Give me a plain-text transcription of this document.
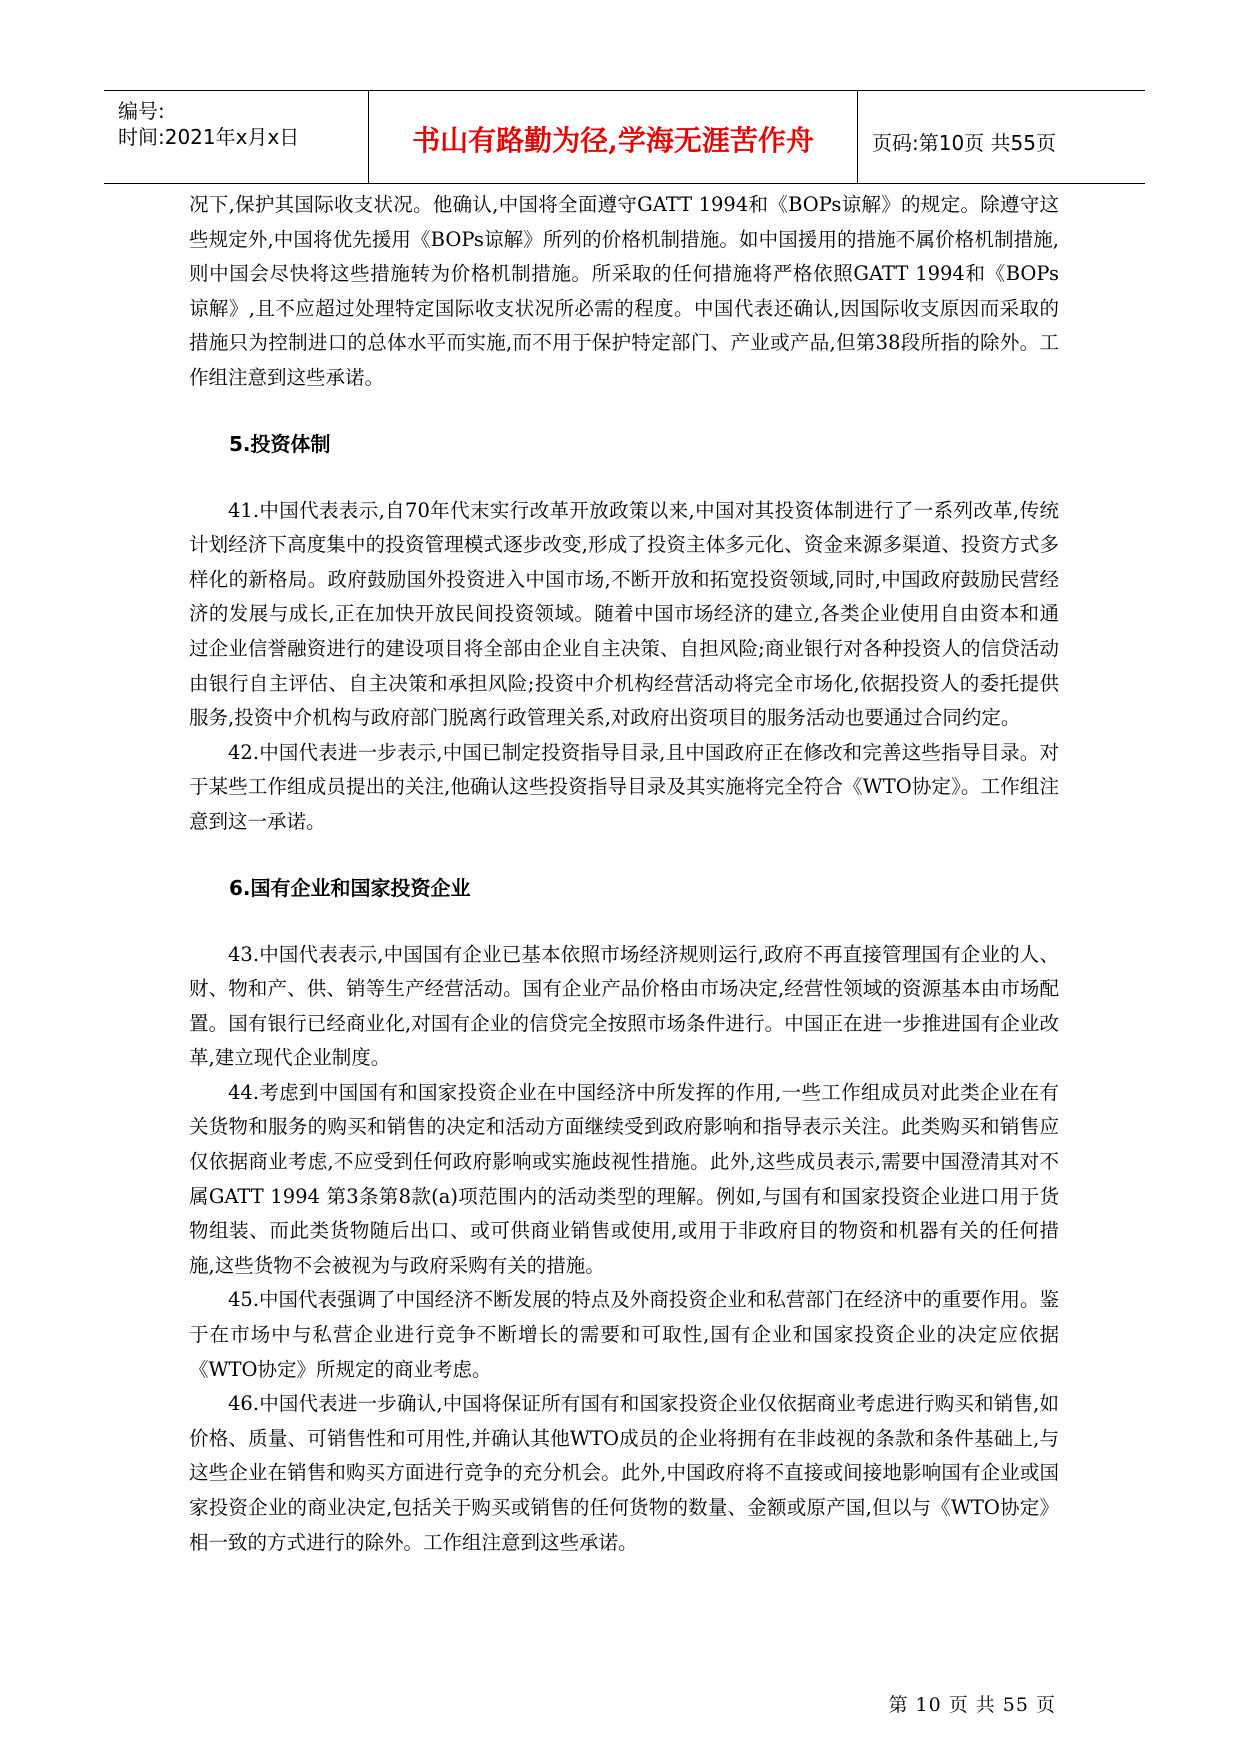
编号:
时间:2021年x月x日	书山有路勤为径,学海无涯苦作舟	页码:第10页 共55页

况下,保护其国际收支状况。他确认,中国将全面遵守GATT 1994和《BOPs谅解》的规定。除遵守这些规定外,中国将优先援用《BOPs谅解》所列的价格机制措施。如中国援用的措施不属价格机制措施,则中国会尽快将这些措施转为价格机制措施。所采取的任何措施将严格依照GATT 1994和《BOPs 谅解》,且不应超过处理特定国际收支状况所必需的程度。中国代表还确认,因国际收支原因而采取的措施只为控制进口的总体水平而实施,而不用于保护特定部门、产业或产品,但第38段所指的除外。工作组注意到这些承诺。

5.投资体制

41.中国代表表示,自70年代末实行改革开放政策以来,中国对其投资体制进行了一系列改革,传统计划经济下高度集中的投资管理模式逐步改变,形成了投资主体多元化、资金来源多渠道、投资方式多样化的新格局。政府鼓励国外投资进入中国市场,不断开放和拓宽投资领域,同时,中国政府鼓励民营经济的发展与成长,正在加快开放民间投资领域。随着中国市场经济的建立,各类企业使用自由资本和通过企业信誉融资进行的建设项目将全部由企业自主决策、自担风险;商业银行对各种投资人的信贷活动由银行自主评估、自主决策和承担风险;投资中介机构经营活动将完全市场化,依据投资人的委托提供服务,投资中介机构与政府部门脱离行政管理关系,对政府出资项目的服务活动也要通过合同约定。

42.中国代表进一步表示,中国已制定投资指导目录,且中国政府正在修改和完善这些指导目录。对于某些工作组成员提出的关注,他确认这些投资指导目录及其实施将完全符合《WTO协定》。工作组注意到这一承诺。

6.国有企业和国家投资企业

43.中国代表表示,中国国有企业已基本依照市场经济规则运行,政府不再直接管理国有企业的人、财、物和产、供、销等生产经营活动。国有企业产品价格由市场决定,经营性领域的资源基本由市场配置。国有银行已经商业化,对国有企业的信贷完全按照市场条件进行。中国正在进一步推进国有企业改革,建立现代企业制度。

44.考虑到中国国有和国家投资企业在中国经济中所发挥的作用,一些工作组成员对此类企业在有关货物和服务的购买和销售的决定和活动方面继续受到政府影响和指导表示关注。此类购买和销售应仅依据商业考虑,不应受到任何政府影响或实施歧视性措施。此外,这些成员表示,需要中国澄清其对不属GATT 1994 第3条第8款(a)项范围内的活动类型的理解。例如,与国有和国家投资企业进口用于货物组装、而此类货物随后出口、或可供商业销售或使用,或用于非政府目的物资和机器有关的任何措施,这些货物不会被视为与政府采购有关的措施。

45.中国代表强调了中国经济不断发展的特点及外商投资企业和私营部门在经济中的重要作用。鉴于在市场中与私营企业进行竞争不断增长的需要和可取性,国有企业和国家投资企业的决定应依据《WTO协定》所规定的商业考虑。

46.中国代表进一步确认,中国将保证所有国有和国家投资企业仅依据商业考虑进行购买和销售,如价格、质量、可销售性和可用性,并确认其他WTO成员的企业将拥有在非歧视的条款和条件基础上,与这些企业在销售和购买方面进行竞争的充分机会。此外,中国政府将不直接或间接地影响国有企业或国家投资企业的商业决定,包括关于购买或销售的任何货物的数量、金额或原产国,但以与《WTO协定》相一致的方式进行的除外。工作组注意到这些承诺。

第 10 页 共 55 页
